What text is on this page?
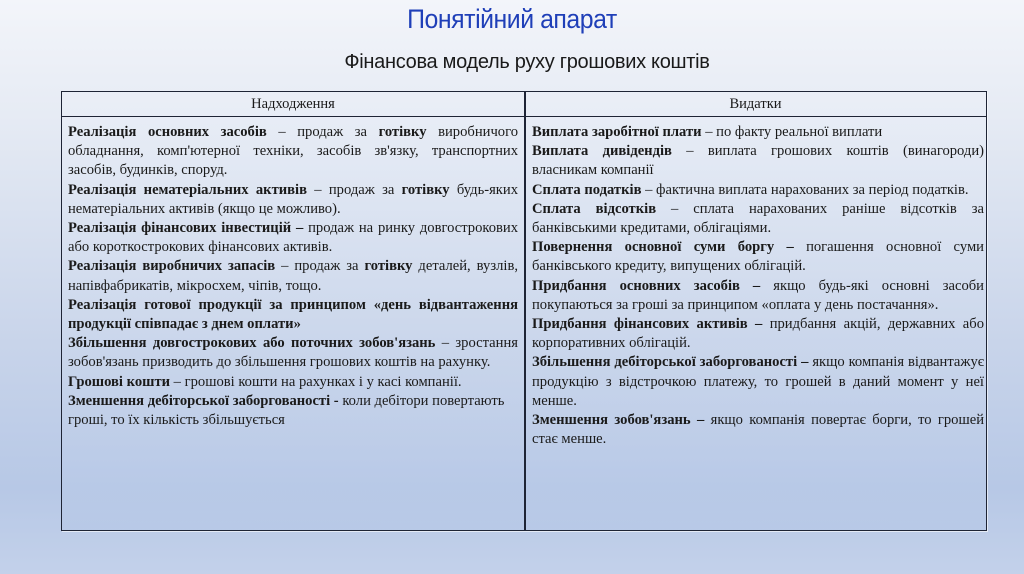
Понятійний апарат
Фінансова модель руху грошових коштів
Надходження	Видатки

Реалізація основних засобів – продаж за готівку виробничого обладнання, комп'ютерної техніки, засобів зв'язку, транспортних засобів, будинків, споруд.

Реалізація нематеріальних активів – продаж за готівку будь-яких нематеріальних активів (якщо це можливо).

Реалізація фінансових інвестицій – продаж на ринку довгострокових або короткострокових фінансових активів.

Реалізація виробничих запасів – продаж за готівку деталей, вузлів, напівфабрикатів, мікросхем, чіпів, тощо.

Реалізація готової продукції за принципом «день відвантаження продукції співпадає з днем оплати»

Збільшення довгострокових або поточних зобов'язань – зростання зобов'язань призводить до збільшення грошових коштів на рахунку.

Грошові кошти – грошові кошти на рахунках і у касі компанії.

Зменшення дебіторської заборгованості - коли дебітори повертають гроші, то їх кількість збільшується

Виплата заробітної плати – по факту реальної виплати

Виплата дивідендів – виплата грошових коштів (винагороди) власникам компанії

Сплата податків – фактична виплата нарахованих за період податків.

Сплата відсотків – сплата нарахованих раніше відсотків за банківськими кредитами, облігаціями.

Повернення основної суми боргу – погашення основної суми банківського кредиту, випущених облігацій.

Придбання основних засобів – якщо будь-які основні засоби покупаються за гроші за принципом «оплата у день постачання».

Придбання фінансових активів – придбання акцій, державних або корпоративних облігацій.

Збільшення дебіторської заборгованості – якщо компанія відвантажує продукцію з відстрочкою платежу, то грошей в даний момент у неї менше.

Зменшення зобов'язань – якщо компанія повертає борги, то грошей стає менше.
